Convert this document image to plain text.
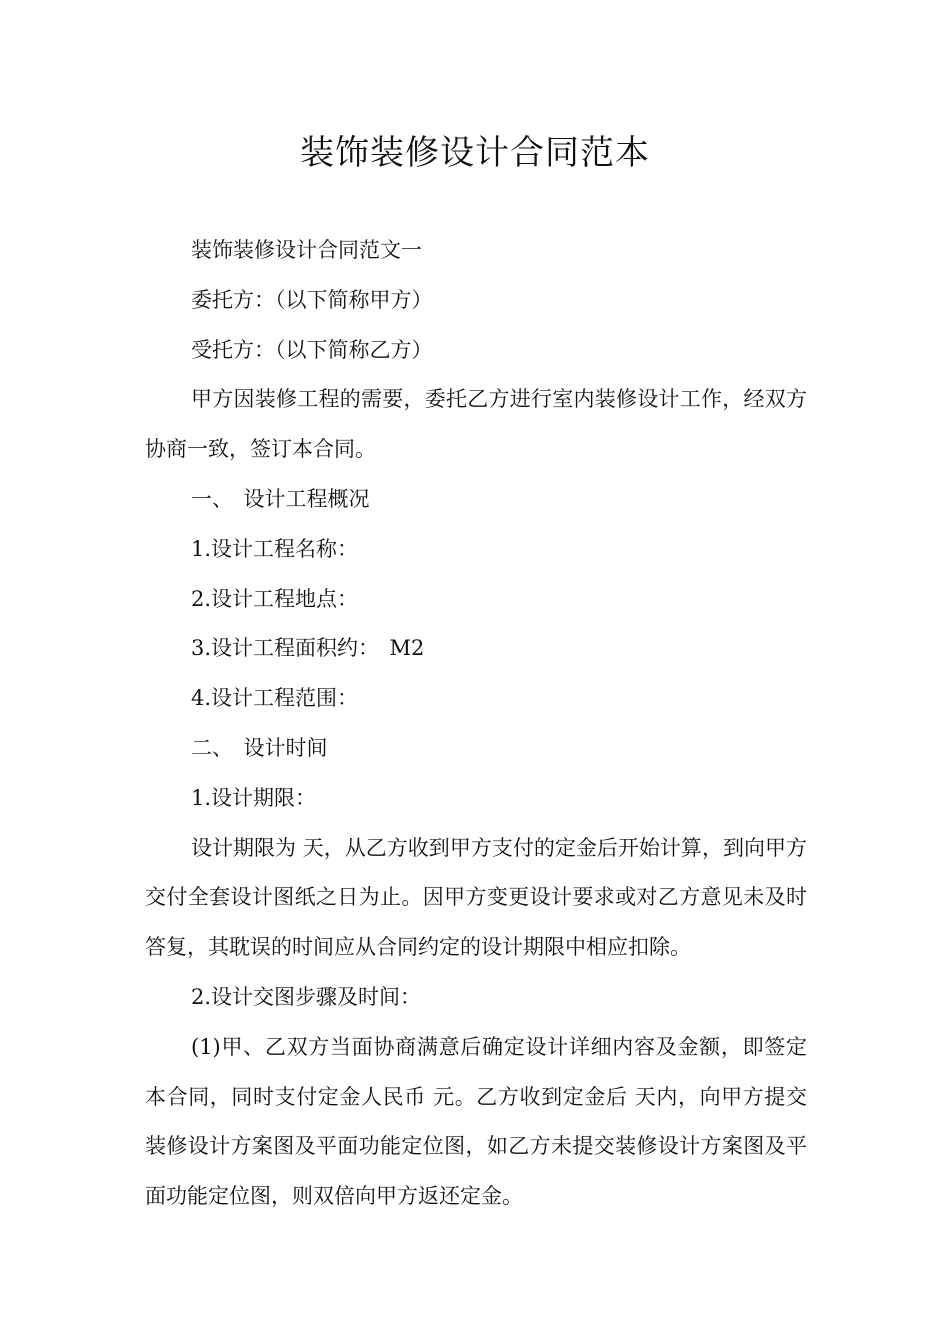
装饰装修设计合同范本

装饰装修设计合同范文一

委托方：（以下简称甲方）

受托方：（以下简称乙方）

甲方因装修工程的需要，委托乙方进行室内装修设计工作，经双方协商一致，签订本合同。

一、　设计工程概况

1.设计工程名称：

2.设计工程地点：

3.设计工程面积约：　M2

4.设计工程范围：

二、　设计时间

1.设计期限：

设计期限为 天，从乙方收到甲方支付的定金后开始计算，到向甲方交付全套设计图纸之日为止。因甲方变更设计要求或对乙方意见未及时答复，其耽误的时间应从合同约定的设计期限中相应扣除。

2.设计交图步骤及时间：

(1)甲、乙双方当面协商满意后确定设计详细内容及金额，即签定本合同，同时支付定金人民币 元。乙方收到定金后 天内，向甲方提交装修设计方案图及平面功能定位图，如乙方未提交装修设计方案图及平面功能定位图，则双倍向甲方返还定金。
